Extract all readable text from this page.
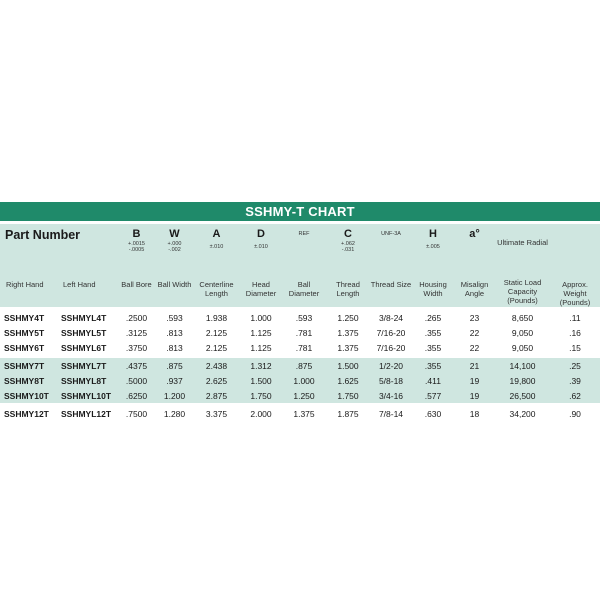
SSHMY-T CHART
Part Number		B
+.0015
-.0005	W
+.000
-.002	A
±.010	D
±.010	REF	C
+.062
-.031	UNF-3A	H
±.005	a°	Ultimate Radial	
Right Hand	Left Hand	Ball Bore	Ball Width	Centerline Length	Head Diameter	Ball Diameter	Thread Length	Thread Size	Housing Width	Misalign Angle	Static Load Capacity (Pounds)	Approx. Weight (Pounds)

SSHMY4T	SSHMYL4T	.2500	.593	1.938	1.000	.593	1.250	3/8-24	.265	23	8,650	.11
SSHMY5T	SSHMYL5T	.3125	.813	2.125	1.125	.781	1.375	7/16-20	.355	22	9,050	.16
SSHMY6T	SSHMYL6T	.3750	.813	2.125	1.125	.781	1.375	7/16-20	.355	22	9,050	.15

SSHMY7T	SSHMYL7T	.4375	.875	2.438	1.312	.875	1.500	1/2-20	.355	21	14,100	.25
SSHMY8T	SSHMYL8T	.5000	.937	2.625	1.500	1.000	1.625	5/8-18	.411	19	19,800	.39
SSHMY10T	SSHMYL10T	.6250	1.200	2.875	1.750	1.250	1.750	3/4-16	.577	19	26,500	.62

SSHMY12T	SSHMYL12T	.7500	1.280	3.375	2.000	1.375	1.875	7/8-14	.630	18	34,200	.90
